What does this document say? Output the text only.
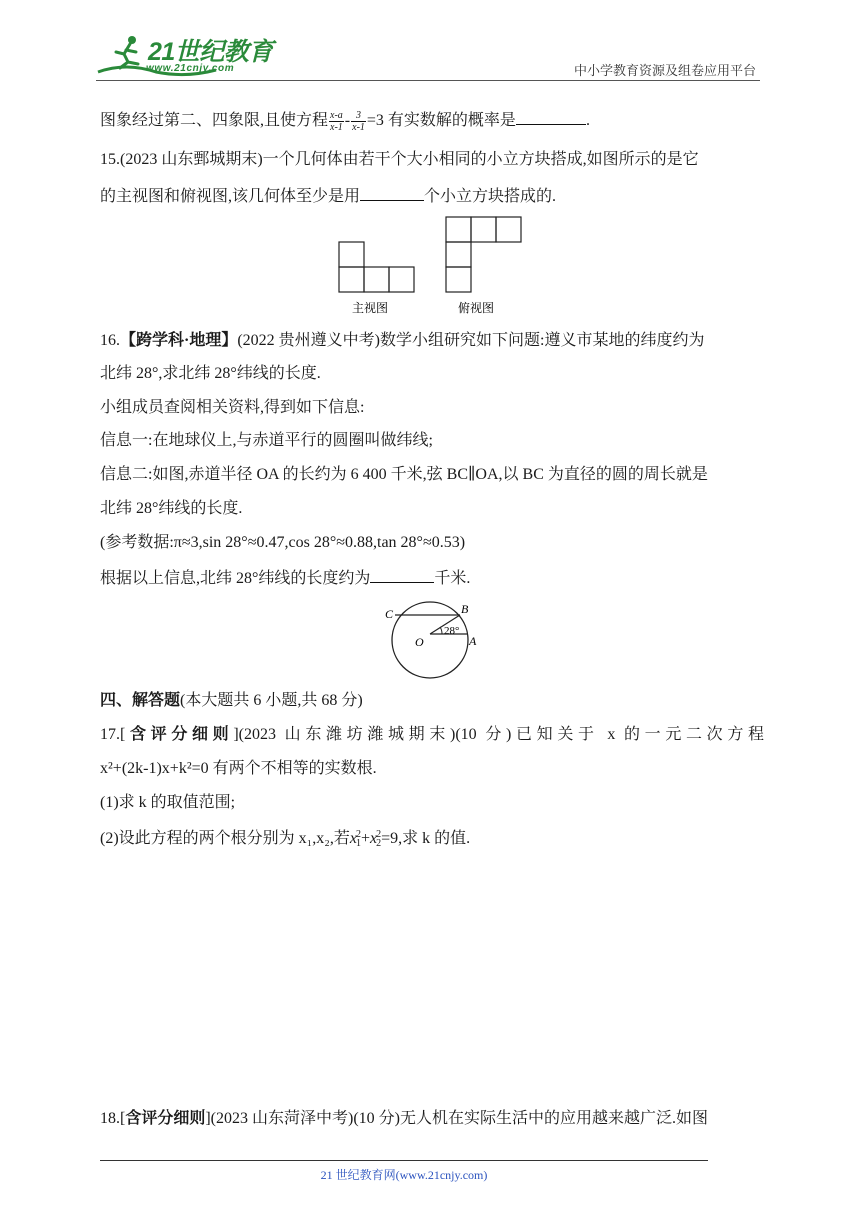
21世纪教育
www.21cnjy.com	中小学教育资源及组卷应用平台
图象经过第二、四象限,且使方程 $\frac{x-a}{x-1} - \frac{3}{x-1} =3$ 有实数解的概率是	.
15.(2023 山东鄄城期末)一个几何体由若干个大小相同的小立方块搭成,如图所示的是它
的主视图和俯视图,该几何体至少是用	个小立方块搭成的.
主视图	俯视图
16.【跨学科·地理】(2022 贵州遵义中考)数学小组研究如下问题:遵义市某地的纬度约为
北纬 28°,求北纬 28°纬线的长度.
小组成员查阅相关资料,得到如下信息:
信息一:在地球仪上,与赤道平行的圆圈叫做纬线;
信息二:如图,赤道半径 OA 的长约为 6 400 千米,弦 BC∥OA,以 BC 为直径的圆的周长就是
北纬 28°纬线的长度.
(参考数据:π≈3,sin 28°≈0.47,cos 28°≈0.88,tan 28°≈0.53)
根据以上信息,北纬 28°纬线的长度约为	千米.
C	B
O	A
28°
四、解答题(本大题共 6 小题,共 68 分)
17.[含评分细则](2023 山东潍坊潍城期末)(10 分)已知关于 x 的一元二次方程
x²+(2k-1)x+k²=0 有两个不相等的实数根.
(1)求 k 的取值范围;
(2)设此方程的两个根分别为 x₁,x₂,若x 2
1 +x 2
2 =9,求 k 的值.
18.[含评分细则](2023 山东菏泽中考)(10 分)无人机在实际生活中的应用越来越广泛.如图
21 世纪教育网(www.21cnjy.com)
